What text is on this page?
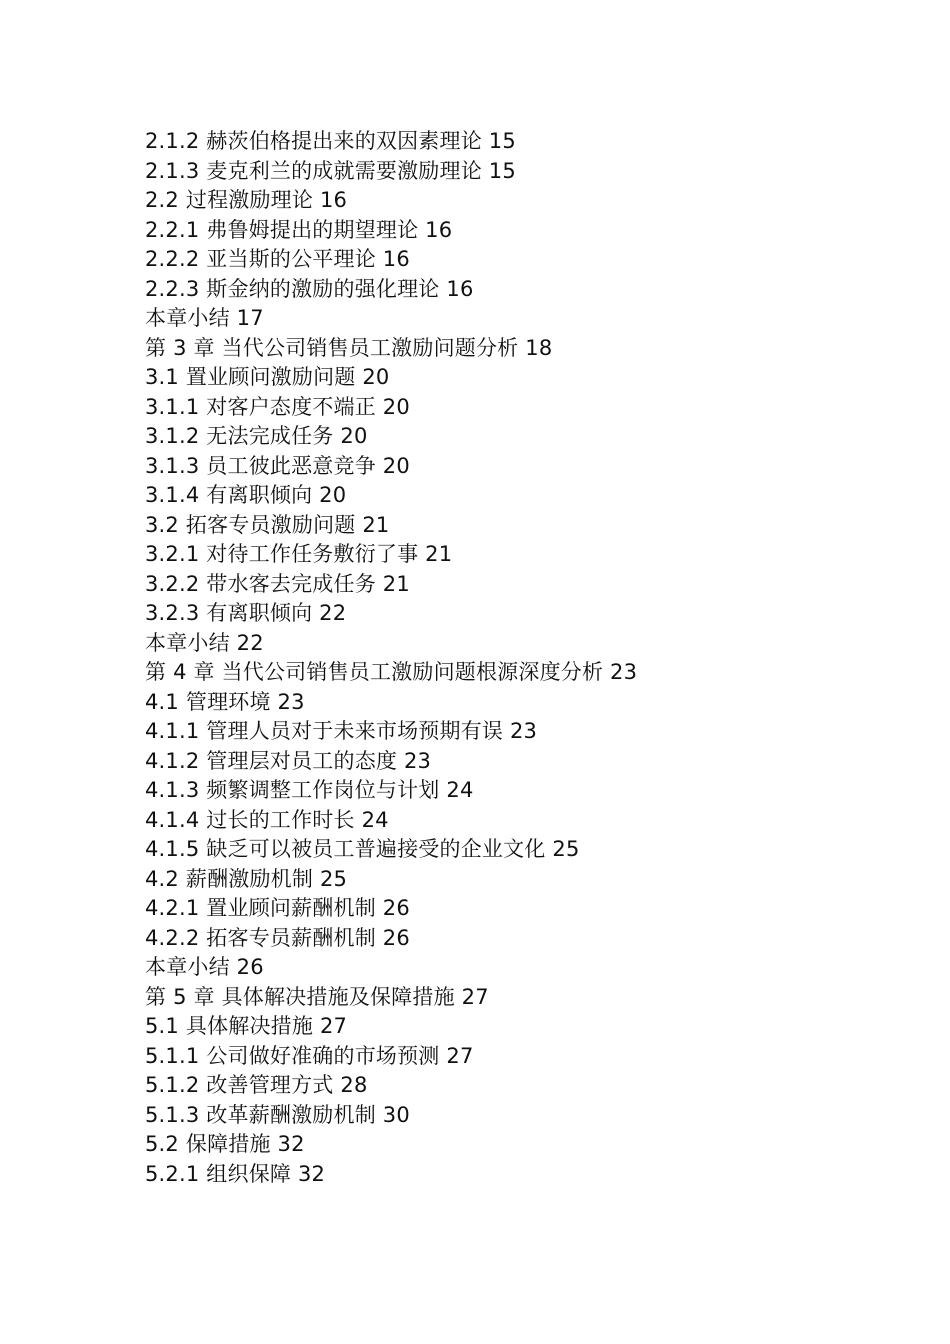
2.1.2 赫茨伯格提出来的双因素理论 15
2.1.3 麦克利兰的成就需要激励理论 15
2.2 过程激励理论 16
2.2.1 弗鲁姆提出的期望理论 16
2.2.2 亚当斯的公平理论 16
2.2.3 斯金纳的激励的强化理论 16
本章小结 17
第 3 章 当代公司销售员工激励问题分析 18
3.1 置业顾问激励问题 20
3.1.1 对客户态度不端正 20
3.1.2 无法完成任务 20
3.1.3 员工彼此恶意竞争 20
3.1.4 有离职倾向 20
3.2 拓客专员激励问题 21
3.2.1 对待工作任务敷衍了事 21
3.2.2 带水客去完成任务 21
3.2.3 有离职倾向 22
本章小结 22
第 4 章 当代公司销售员工激励问题根源深度分析 23
4.1 管理环境 23
4.1.1 管理人员对于未来市场预期有误 23
4.1.2 管理层对员工的态度 23
4.1.3 频繁调整工作岗位与计划 24
4.1.4 过长的工作时长 24
4.1.5 缺乏可以被员工普遍接受的企业文化 25
4.2 薪酬激励机制 25
4.2.1 置业顾问薪酬机制 26
4.2.2 拓客专员薪酬机制 26
本章小结 26
第 5 章 具体解决措施及保障措施 27
5.1 具体解决措施 27
5.1.1 公司做好准确的市场预测 27
5.1.2 改善管理方式 28
5.1.3 改革薪酬激励机制 30
5.2 保障措施 32
5.2.1 组织保障 32
